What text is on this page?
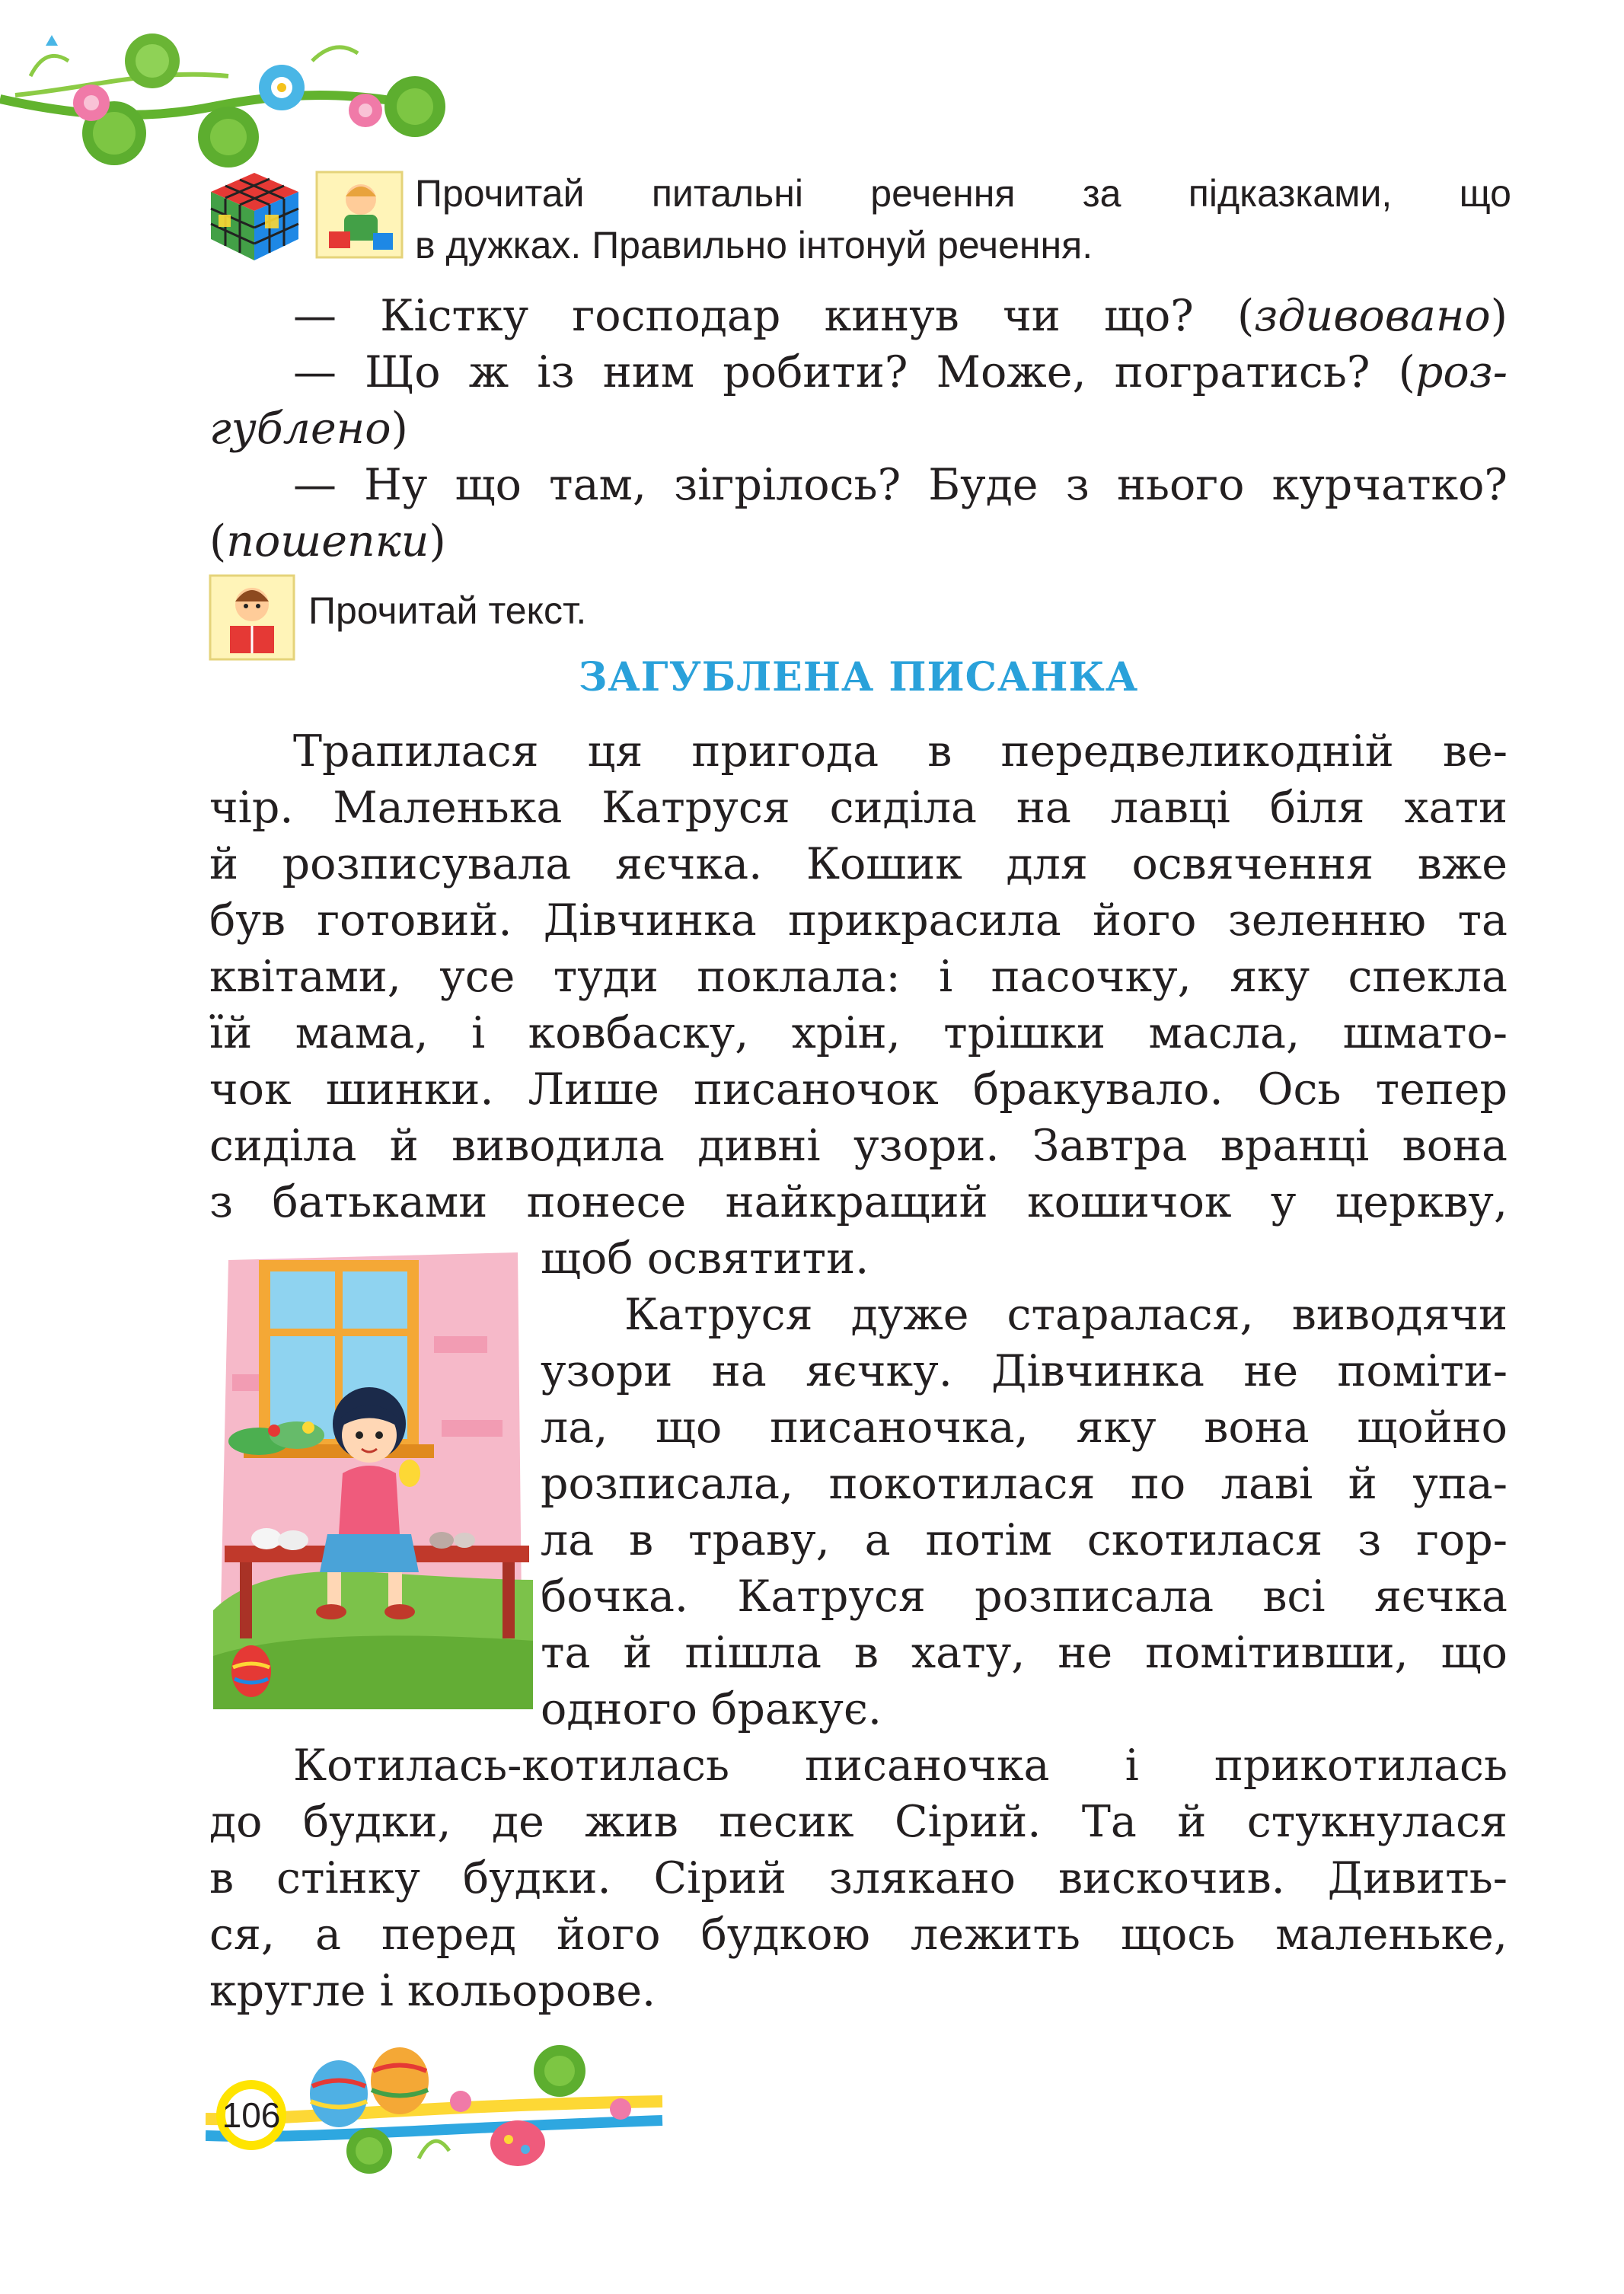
Прочитай питальні речення за підказками, що
в дужках. Правильно інтонуй речення.
— Кістку господар кинув чи що? (здивовано)
— Що ж із ним робити? Може, погратись? (роз-
гублено)
— Ну що там, зігрілось? Буде з нього курчатко?
(пошепки)
Прочитай текст.
ЗАГУБЛЕНА ПИСАНКА
Трапилася ця пригода в передвеликодній ве-
чір. Маленька Катруся сиділа на лавці біля хати
й розписувала яєчка. Кошик для освячення вже
був готовий. Дівчинка прикрасила його зеленню та
квітами, усе туди поклала: і пасочку, яку спекла
їй мама, і ковбаску, хрін, трішки масла, шмато-
чок шинки. Лише писаночок бракувало. Ось тепер
сиділа й виводила дивні узори. Завтра вранці вона
з батьками понесе найкращий кошичок у церкву,
щоб освятити.
Катруся дуже старалася, виводячи
узори на яєчку. Дівчинка не поміти-
ла, що писаночка, яку вона щойно
розписала, покотилася по лаві й упа-
ла в траву, а потім скотилася з гор-
бочка. Катруся розписала всі яєчка
та й пішла в хату, не помітивши, що
одного бракує.
Котилась-котилась писаночка і прикотилась
до будки, де жив песик Сірий. Та й стукнулася
в стінку будки. Сірий злякано вискочив. Дивить-
ся, а перед його будкою лежить щось маленьке,
кругле і кольорове.
106
